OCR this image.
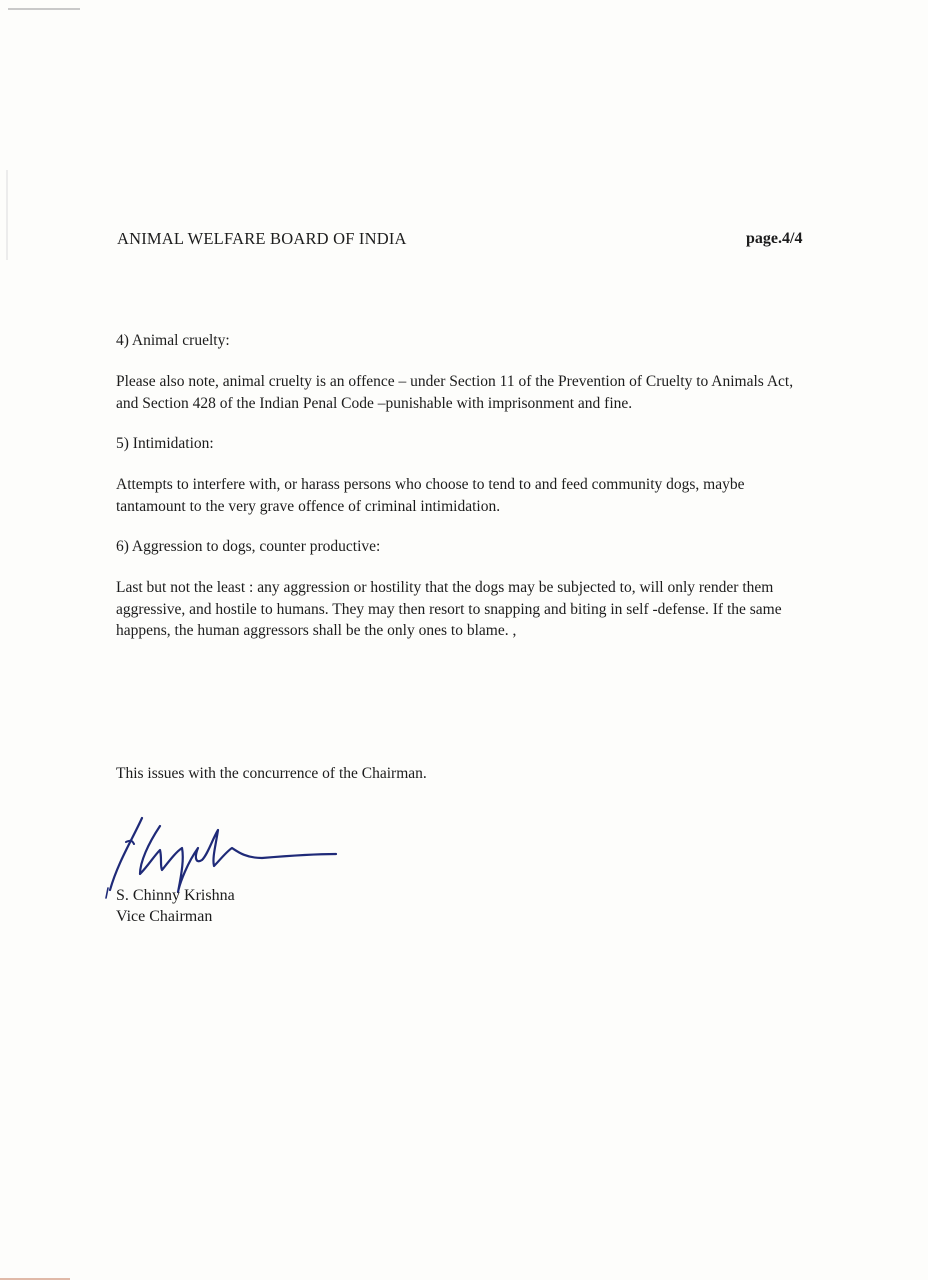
ANIMAL WELFARE BOARD OF INDIA	page.4/4
4) Animal cruelty:
Please also note, animal cruelty is an offence – under Section 11 of the Prevention of Cruelty to Animals Act, and Section 428 of the Indian Penal Code –punishable with imprisonment and fine.
5) Intimidation:
Attempts to interfere with, or harass persons who choose to tend to and feed community dogs, maybe tantamount to the very grave offence of criminal intimidation.
6) Aggression to dogs, counter productive:
Last but not the least : any aggression or hostility that the dogs may be subjected to, will only render them aggressive, and hostile to humans. They may then resort to snapping and biting in self -defense. If the same happens, the human aggressors shall be the only ones to blame. ,
This issues with the concurrence of the Chairman.
S. Chinny Krishna
Vice Chairman
